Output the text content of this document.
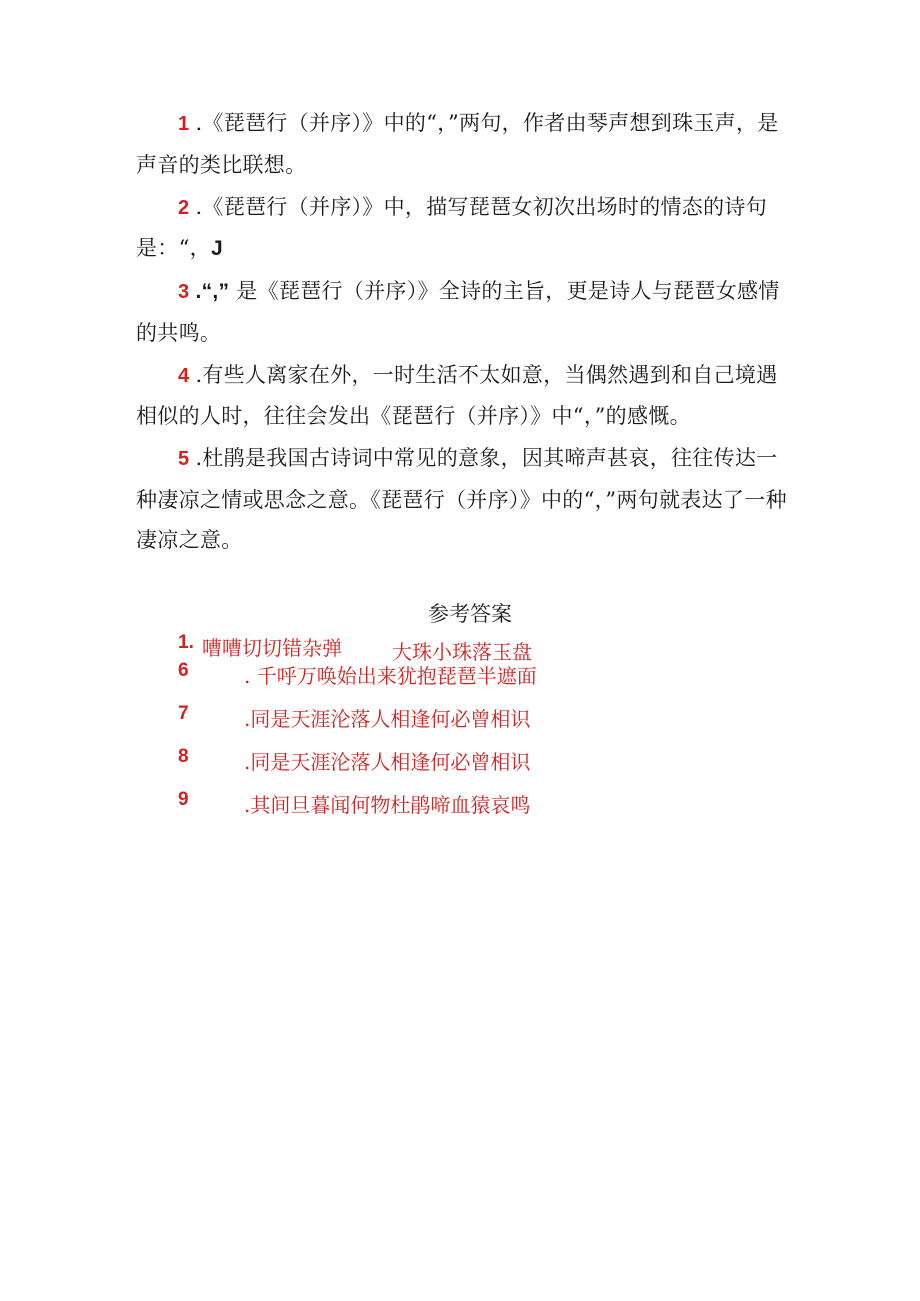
1 .《琵琶行（并序）》中的“，”两句，作者由琴声想到珠玉声，是声音的类比联想。

2 .《琵琶行（并序）》中，描写琵琶女初次出场时的情态的诗句是：“，J

3 .“,” 是《琵琶行（并序）》全诗的主旨，更是诗人与琵琶女感情的共鸣。

4 .有些人离家在外，一时生活不太如意，当偶然遇到和自己境遇相似的人时，往往会发出《琵琶行（并序）》中“，”的感慨。

5 .杜鹃是我国古诗词中常见的意象，因其啼声甚哀，往往传达一种凄凉之情或思念之意。《琵琶行（并序）》中的“，”两句就表达了一种凄凉之意。

参考答案
1. 嘈嘈切切错杂弹	大珠小珠落玉盘
6	. 千呼万唤始出来犹抱琵琶半遮面
7	.同是天涯沦落人相逢何必曾相识
8	.同是天涯沦落人相逢何必曾相识
9	.其间旦暮闻何物杜鹃啼血猿哀鸣
